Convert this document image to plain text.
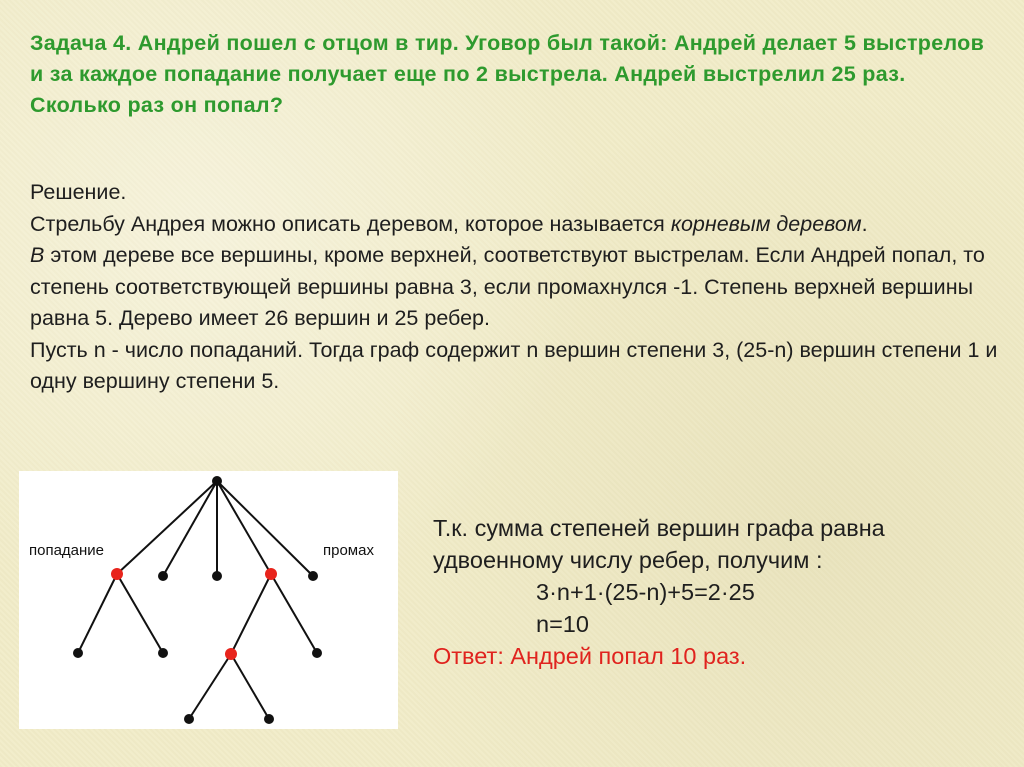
Задача 4. Андрей пошел с отцом в тир. Уговор был такой: Андрей делает 5 выстрелов и за каждое попадание получает еще по 2 выстрела. Андрей выстрелил 25 раз. Сколько раз он попал?

Решение.

Стрельбу Андрея можно описать деревом, которое называется корневым деревом.

В этом дереве все вершины, кроме верхней, соответствуют выстрелам. Если Андрей попал, то степень соответствующей вершины равна 3, если промахнулся -1. Степень верхней вершины равна 5. Дерево имеет 26 вершин и 25 ребер.

Пусть n - число попаданий. Тогда граф содержит n вершин степени 3, (25-n) вершин степени 1 и одну вершину степени 5.

попадание	промах
Т.к. сумма степеней вершин графа равна
удвоенному числу ребер, получим :
3·n+1·(25-n)+5=2·25
n=10
Ответ: Андрей попал 10 раз.
